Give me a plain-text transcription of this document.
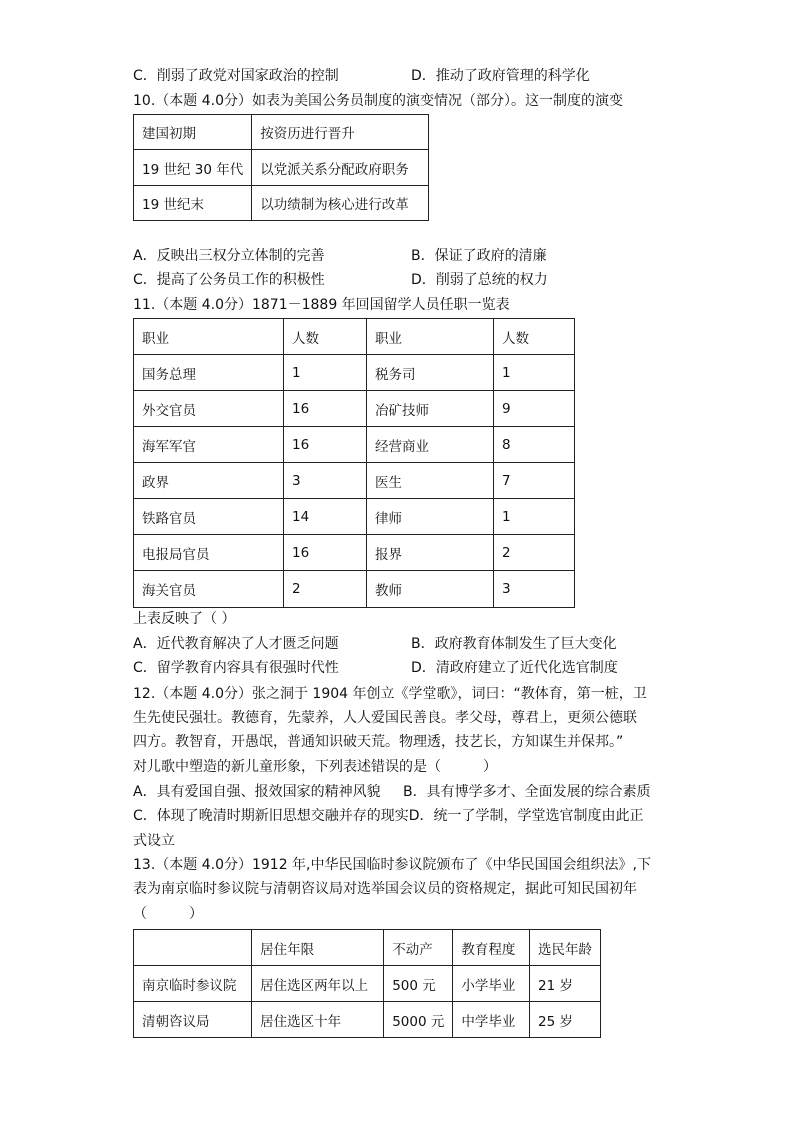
C．削弱了政党对国家政治的控制	D．推动了政府管理的科学化
10.（本题 4.0分）如表为美国公务员制度的演变情况（部分）。这一制度的演变
建国初期	按资历进行晋升
19 世纪 30 年代	以党派关系分配政府职务
19 世纪末	以功绩制为核心进行改革
A．反映出三权分立体制的完善	B．保证了政府的清廉
C．提高了公务员工作的积极性	D．削弱了总统的权力
11.（本题 4.0分）1871－1889 年回国留学人员任职一览表
职业	人数	职业	人数
国务总理	1	税务司	1
外交官员	16	冶矿技师	9
海军军官	16	经营商业	8
政界	3	医生	7
铁路官员	14	律师	1
电报局官员	16	报界	2
海关官员	2	教师	3
上表反映了（ ）
A．近代教育解决了人才匮乏问题	B．政府教育体制发生了巨大变化
C．留学教育内容具有很强时代性	D．清政府建立了近代化选官制度
12.（本题 4.0分）张之洞于 1904 年创立《学堂歌》，词曰：“教体育，第一桩，卫
生先使民强壮。教德育，先蒙养，人人爱国民善良。孝父母，尊君上，更须公德联
四方。教智育，开愚氓，普通知识破天荒。物理透，技艺长，方知谋生并保邦。”
对儿歌中塑造的新儿童形象，下列表述错误的是（　　　）
A．具有爱国自强、报效国家的精神风貌 B．具有博学多才、全面发展的综合素质
C．体现了晚清时期新旧思想交融并存的现实D．统一了学制，学堂选官制度由此正
式设立
13.（本题 4.0分）1912 年,中华民国临时参议院颁布了《中华民国国会组织法》,下
表为南京临时参议院与清朝咨议局对选举国会议员的资格规定，据此可知民国初年
（　　　）
	居住年限	不动产	教育程度	选民年龄
南京临时参议院	居住选区两年以上	500 元	小学毕业	21 岁
清朝咨议局	居住选区十年	5000 元	中学毕业	25 岁
